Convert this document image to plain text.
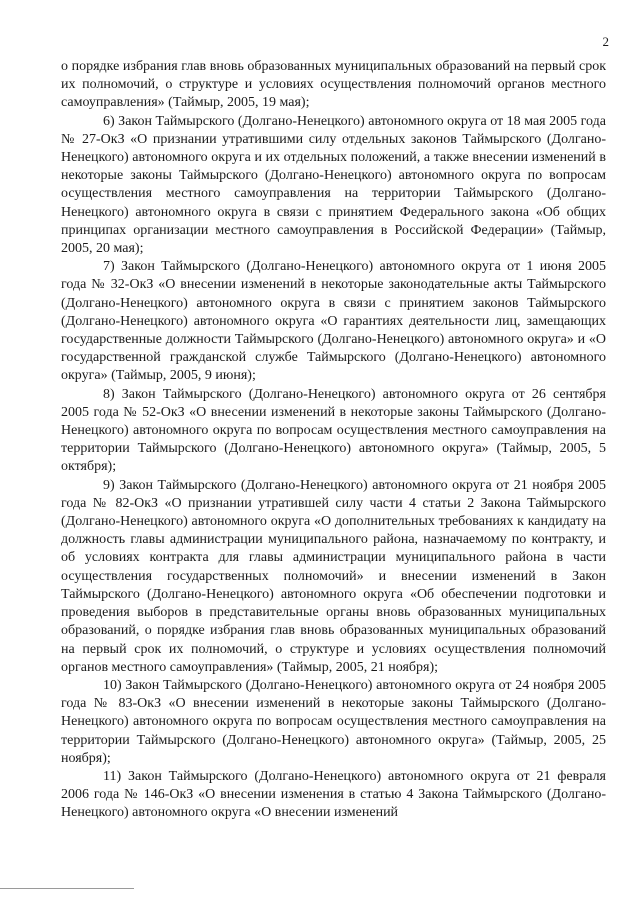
2

о порядке избрания глав вновь образованных муниципальных образований на первый срок их полномочий, о структуре и условиях осуществления полномочий органов местного самоуправления» (Таймыр, 2005, 19 мая);

6) Закон Таймырского (Долгано-Ненецкого) автономного округа от 18 мая 2005 года № 27-ОкЗ «О признании утратившими силу отдельных законов Таймырского (Долгано-Ненецкого) автономного округа и их отдельных положений, а также внесении изменений в некоторые законы Таймырского (Долгано-Ненецкого) автономного округа по вопросам осуществления местного самоуправления на территории Таймырского (Долгано-Ненецкого) автономного округа в связи с принятием Федерального закона «Об общих принципах организации местного самоуправления в Российской Федерации» (Таймыр, 2005, 20 мая);

7) Закон Таймырского (Долгано-Ненецкого) автономного округа от 1 июня 2005 года № 32-ОкЗ «О внесении изменений в некоторые законодательные акты Таймырского (Долгано-Ненецкого) автономного округа в связи с принятием законов Таймырского (Долгано-Ненецкого) автономного округа «О гарантиях деятельности лиц, замещающих государственные должности Таймырского (Долгано-Ненецкого) автономного округа» и «О государственной гражданской службе Таймырского (Долгано-Ненецкого) автономного округа» (Таймыр, 2005, 9 июня);

8) Закон Таймырского (Долгано-Ненецкого) автономного округа от 26 сентября 2005 года № 52-ОкЗ «О внесении изменений в некоторые законы Таймырского (Долгано-Ненецкого) автономного округа по вопросам осуществления местного самоуправления на территории Таймырского (Долгано-Ненецкого) автономного округа» (Таймыр, 2005, 5 октября);

9) Закон Таймырского (Долгано-Ненецкого) автономного округа от 21 ноября 2005 года № 82-ОкЗ «О признании утратившей силу части 4 статьи 2 Закона Таймырского (Долгано-Ненецкого) автономного округа «О дополнительных требованиях к кандидату на должность главы администрации муниципального района, назначаемому по контракту, и об условиях контракта для главы администрации муниципального района в части осуществления государственных полномочий» и внесении изменений в Закон Таймырского (Долгано-Ненецкого) автономного округа «Об обеспечении подготовки и проведения выборов в представительные органы вновь образованных муниципальных образований, о порядке избрания глав вновь образованных муниципальных образований на первый срок их полномочий, о структуре и условиях осуществления полномочий органов местного самоуправления» (Таймыр, 2005, 21 ноября);

10) Закон Таймырского (Долгано-Ненецкого) автономного округа от 24 ноября 2005 года № 83-ОкЗ «О внесении изменений в некоторые законы Таймырского (Долгано-Ненецкого) автономного округа по вопросам осуществления местного самоуправления на территории Таймырского (Долгано-Ненецкого) автономного округа» (Таймыр, 2005, 25 ноября);

11) Закон Таймырского (Долгано-Ненецкого) автономного округа от 21 февраля 2006 года № 146-ОкЗ «О внесении изменения в статью 4 Закона Таймырского (Долгано-Ненецкого) автономного округа «О внесении изменений
